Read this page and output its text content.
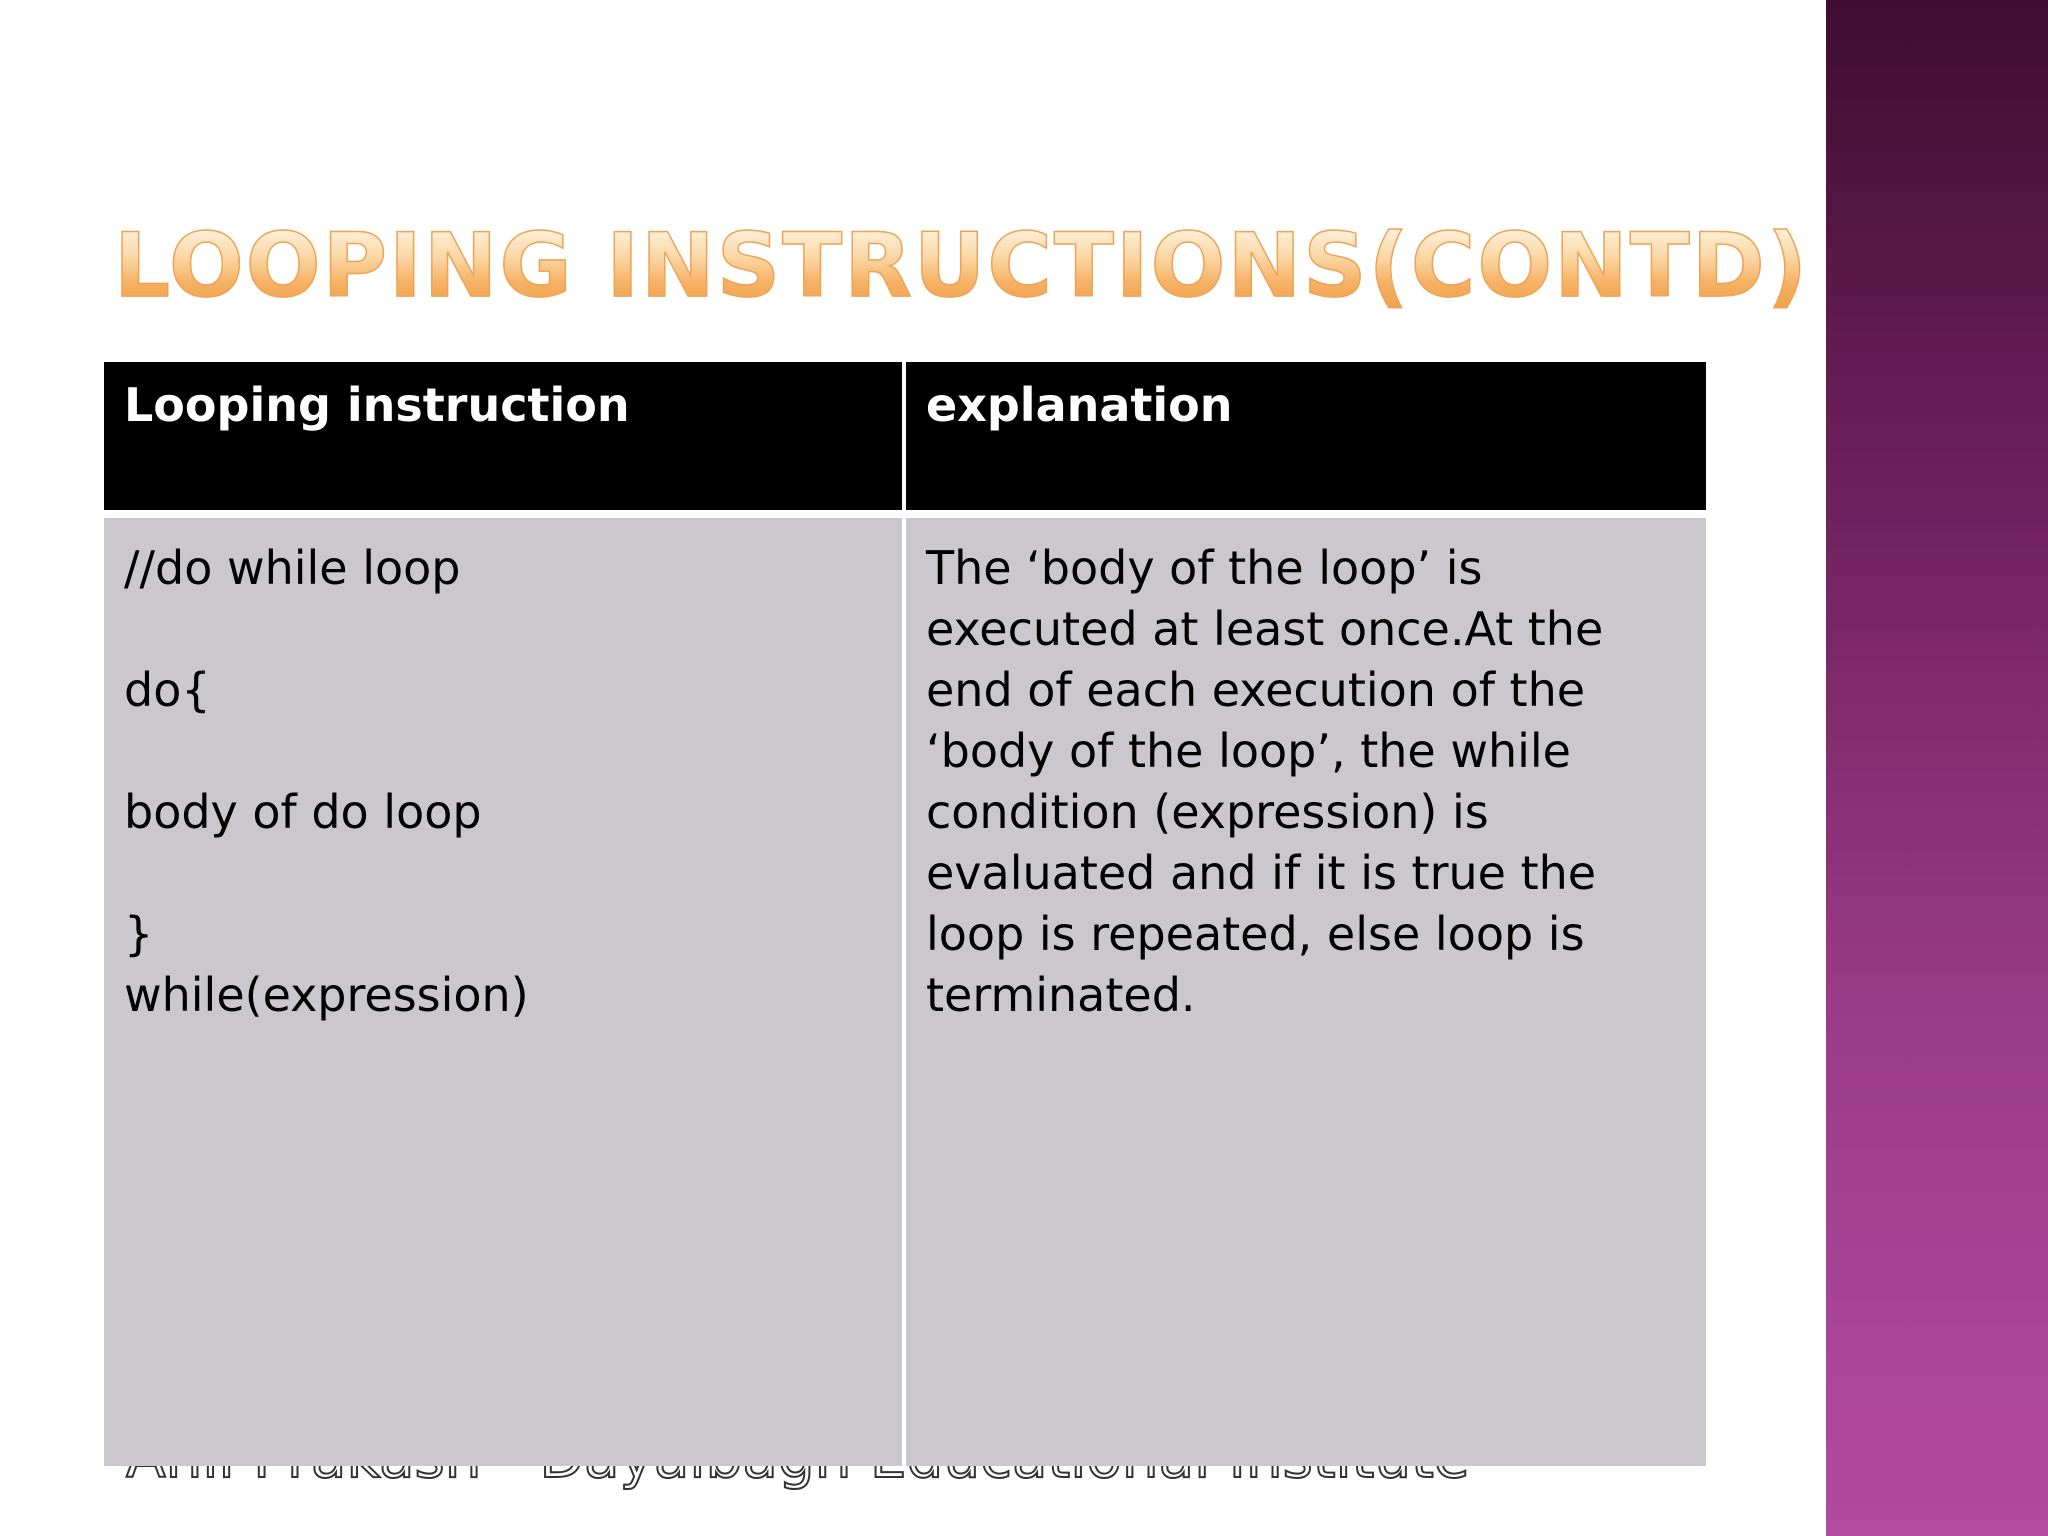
LOOPING INSTRUCTIONS(CONTD)
Looping instruction	explanation
//do while loop
do{
body of do loop
}
while(expression)
The ‘body of the loop’ is executed at least once.At the end of each execution of the ‘body of the loop’, the while condition (expression) is evaluated and if it is true the loop is repeated, else loop is terminated.
